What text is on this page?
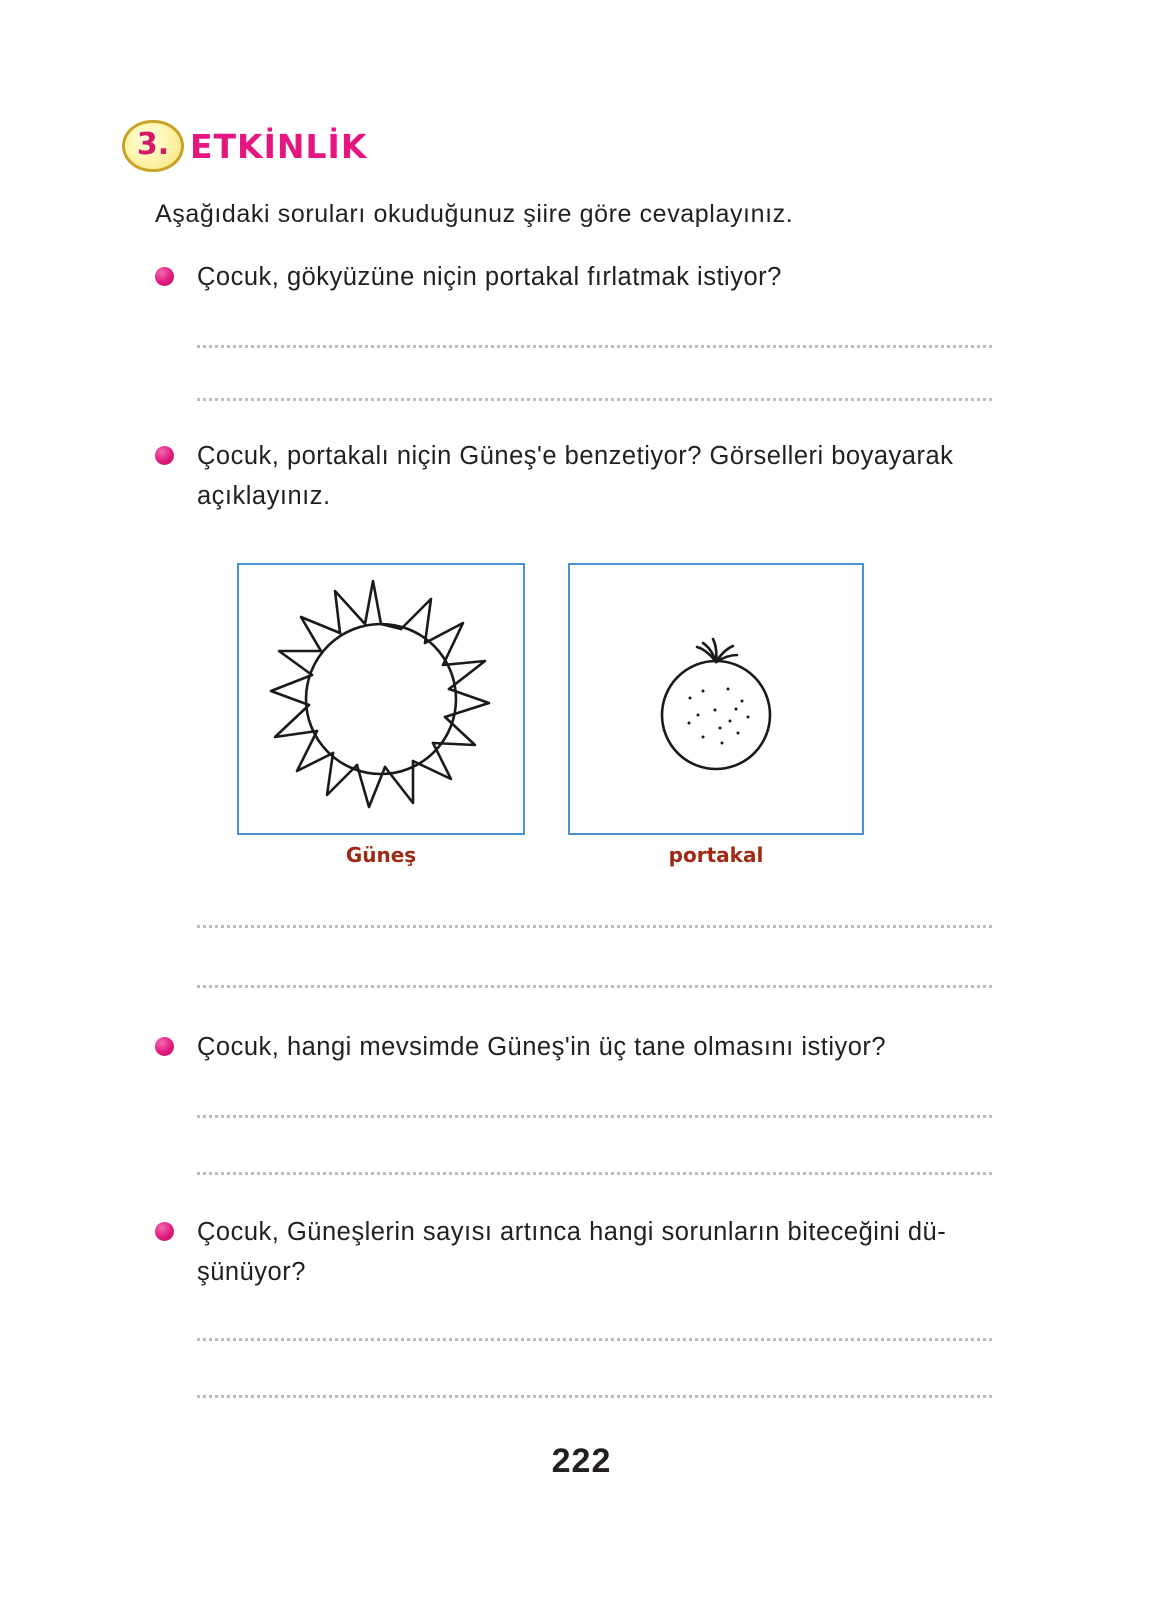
3. ETKİNLİK
Aşağıdaki soruları okuduğunuz şiire göre cevaplayınız.
Çocuk, gökyüzüne niçin portakal fırlatmak istiyor?
Çocuk, portakalı niçin Güneş'e benzetiyor? Görselleri boyayarak açıklayınız.
Güneş	portakal
Çocuk, hangi mevsimde Güneş'in üç tane olmasını istiyor?
Çocuk, Güneşlerin sayısı artınca hangi sorunların biteceğini dü-şünüyor?
222
